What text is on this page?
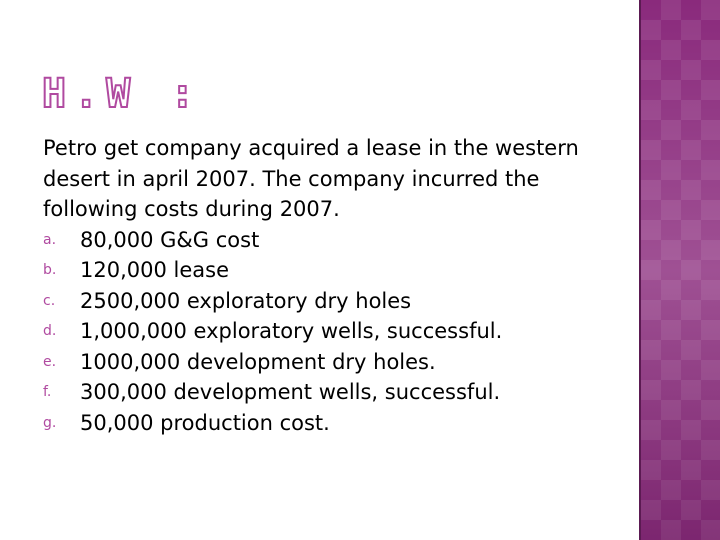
H.W :

Petro get company acquired a lease in the western desert in april 2007. The company incurred the following costs during 2007.

a. 80,000 G&G cost
b. 120,000 lease
c. 2500,000 exploratory dry holes
d. 1,000,000 exploratory wells, successful.
e. 1000,000 development dry holes.
f. 300,000 development wells, successful.
g. 50,000 production cost.
